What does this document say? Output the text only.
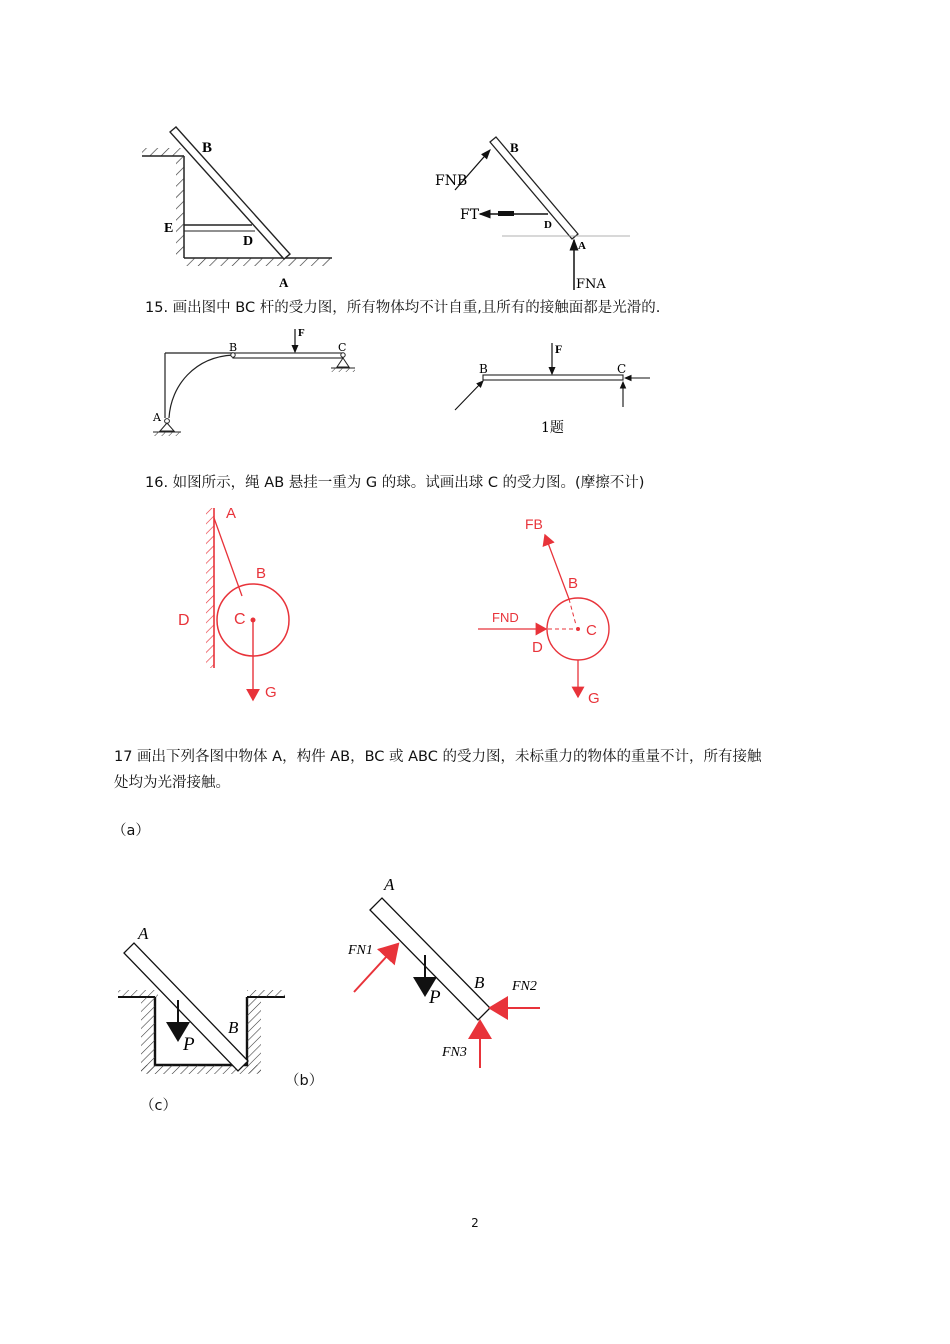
B
E
D
A
B
D
A
FNB
FT
FNA
15. 画出图中 BC 杆的受力图，所有物体均不计自重,且所有的接触面都是光滑的.
B	C
F
A
F
B	C
1题
16. 如图所示，绳 AB 悬挂一重为 G 的球。试画出球 C 的受力图。(摩擦不计)
A
B
C
D
G
FB
B
FND
D
C
G
17 画出下列各图中物体 A，构件 AB，BC 或 ABC 的受力图，未标重力的物体的重量不计，所有接触
处均为光滑接触。
（a）
A
B
P
（b）
（c）
A
B
P
FN1
FN2
FN3
2
